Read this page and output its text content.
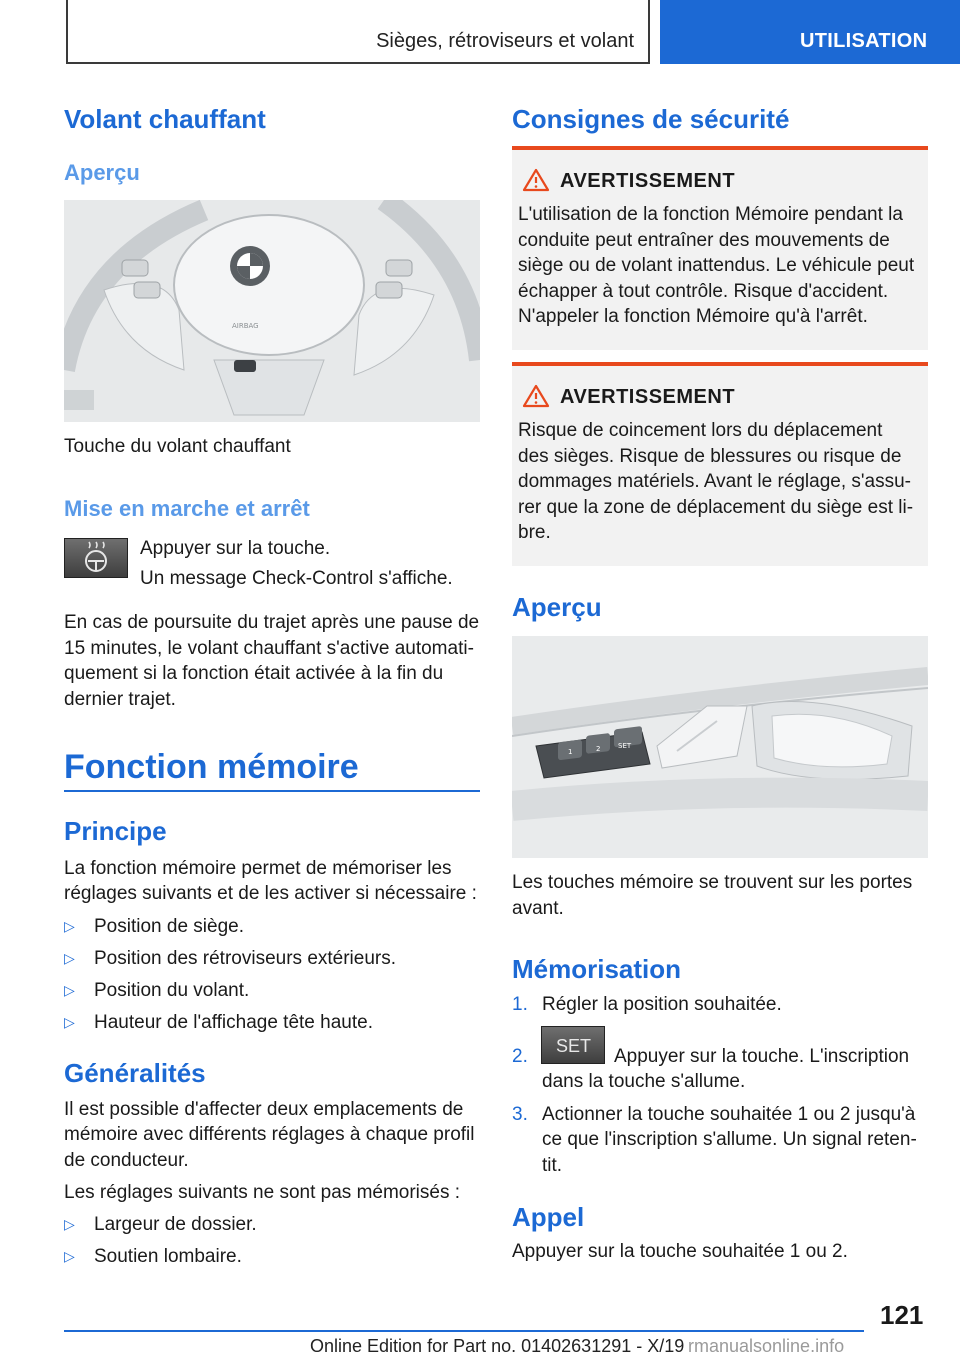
Sièges, rétroviseurs et volant	UTILISATION
Volant chauffant
Aperçu
AIRBAG
Touche du volant chauffant
Mise en marche et arrêt
Appuyer sur la touche.
Un message Check-Control s'affiche.
En cas de poursuite du trajet après une pause de
15 minutes, le volant chauffant s'active automati‐
quement si la fonction était activée à la fin du
dernier trajet.
Fonction mémoire
Principe
La fonction mémoire permet de mémoriser les
réglages suivants et de les activer si nécessaire :
▷ Position de siège.
▷ Position des rétroviseurs extérieurs.
▷ Position du volant.
▷ Hauteur de l'affichage tête haute.
Généralités
Il est possible d'affecter deux emplacements de
mémoire avec différents réglages à chaque profil
de conducteur.
Les réglages suivants ne sont pas mémorisés :
▷ Largeur de dossier.
▷ Soutien lombaire.
Consignes de sécurité
AVERTISSEMENT
L'utilisation de la fonction Mémoire pendant la
conduite peut entraîner des mouvements de
siège ou de volant inattendus. Le véhicule peut
échapper à tout contrôle. Risque d'accident.
N'appeler la fonction Mémoire qu'à l'arrêt.
AVERTISSEMENT
Risque de coincement lors du déplacement
des sièges. Risque de blessures ou risque de
dommages matériels. Avant le réglage, s'assu‐
rer que la zone de déplacement du siège est li‐
bre.
Aperçu
1	2	SET
Les touches mémoire se trouvent sur les portes
avant.
Mémorisation
1. Régler la position souhaitée.
2. SET Appuyer sur la touche. L'inscription
dans la touche s'allume.
3. Actionner la touche souhaitée 1 ou 2 jusqu'à
ce que l'inscription s'allume. Un signal reten‐
tit.
Appel
Appuyer sur la touche souhaitée 1 ou 2.
121
Online Edition for Part no. 01402631291 - X/19 rmanualsonline.info
